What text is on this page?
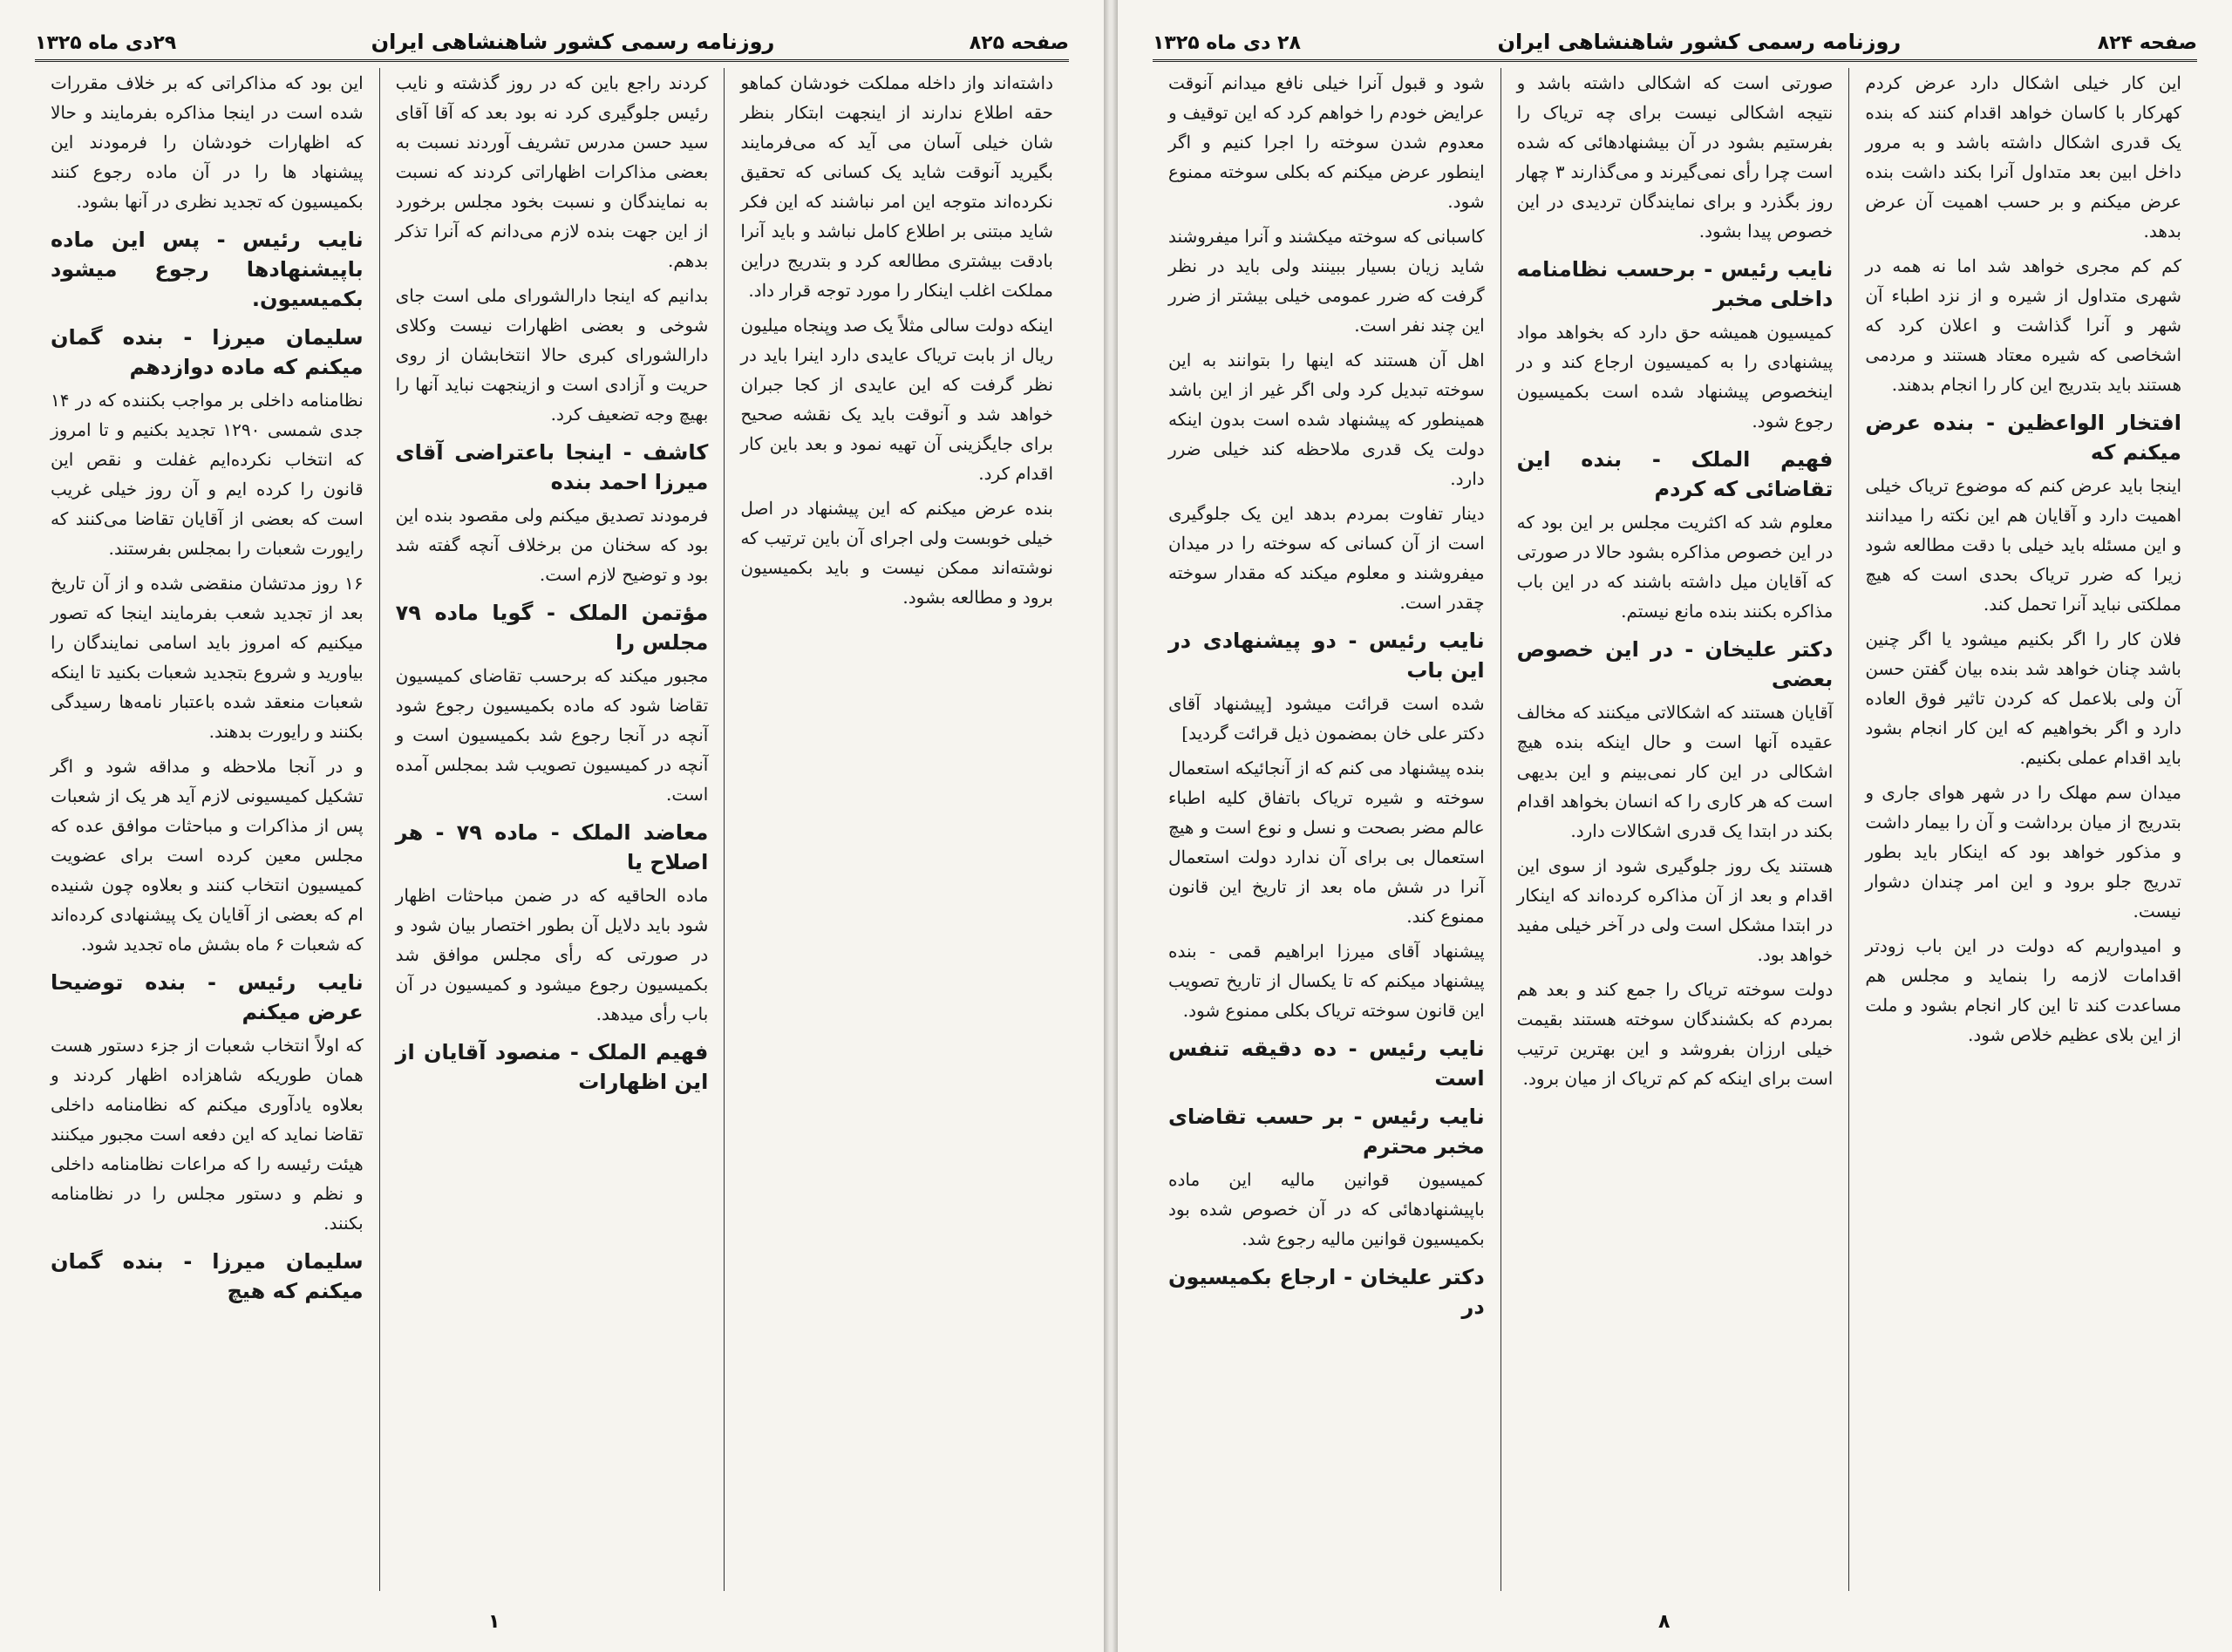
صفحه ۸۲۵
روزنامه رسمی کشور شاهنشاهی ایران
۲۹دی ماه ۱۳۲۵
داشته‌اند واز داخله مملکت خودشان کماهو حقه اطلاع ندارند از اینجهت ابتکار بنظر شان خیلی آسان می آید که می‌فرمایند بگیرید آنوقت شاید یک کسانی که تحقیق نکرده‌اند متوجه این امر نباشند که این فکر شاید مبتنی بر اطلاع کامل نباشد و باید آنرا بادقت بیشتری مطالعه کرد و بتدریج دراین مملکت اغلب اینکار را مورد توجه قرار داد.
اینکه دولت سالی مثلاً یک صد وپنجاه میلیون ریال از بابت تریاک عایدی دارد اینرا باید در نظر گرفت که این عایدی از کجا جبران خواهد شد و آنوقت باید یک نقشه صحیح برای جایگزینی آن تهیه نمود و بعد باین کار اقدام کرد.
بنده عرض میکنم که این پیشنهاد در اصل خیلی خوبست ولی اجرای آن باین ترتیب که نوشته‌اند ممکن نیست و باید بکمیسیون برود و مطالعه بشود.
کردند راجع باین که در روز گذشته و نایب رئیس جلوگیری کرد نه بود بعد که آقا آقای سید حسن مدرس تشریف آوردند نسبت به بعضی مذاکرات اظهاراتی کردند که نسبت به نمایندگان و نسبت بخود مجلس برخورد از این جهت بنده لازم می‌دانم که آنرا تذکر بدهم.
بدانیم که اینجا دارالشورای ملی است جای شوخی و بعضی اظهارات نیست وکلای دارالشورای کبری حالا انتخابشان از روی حریت و آزادی است و ازینجهت نباید آنها را بهیچ وجه تضعیف کرد.
کاشف - اینجا باعتراضی آقای میرزا احمد بنده
فرمودند تصدیق میکنم ولی مقصود بنده این بود که سخنان من برخلاف آنچه گفته شد بود و توضیح لازم است.
مؤتمن الملک - گویا ماده ۷۹ مجلس را
مجبور میکند که برحسب تقاضای کمیسیون تقاضا شود که ماده بکمیسیون رجوع شود آنچه در آنجا رجوع شد بکمیسیون است و آنچه در کمیسیون تصویب شد بمجلس آمده است.
معاضد الملک - ماده ۷۹ - هر اصلاح یا
ماده الحاقیه که در ضمن مباحثات اظهار شود باید دلایل آن بطور اختصار بیان شود و در صورتی که رأی مجلس موافق شد بکمیسیون رجوع میشود و کمیسیون در آن باب رأی میدهد.
فهیم الملک - منصود آقایان از این اظهارات
این بود که مذاکراتی که بر خلاف مقررات شده است در اینجا مذاکره بفرمایند و حالا که اظهارات خودشان را فرمودند این پیشنهاد ها را در آن ماده رجوع کنند بکمیسیون که تجدید نظری در آنها بشود.
نایب رئیس - پس این ماده باپیشنهادها رجوع میشود بکمیسیون.
سلیمان میرزا - بنده گمان میکنم که ماده دوازدهم
نظامنامه داخلی بر مواجب بکننده که در ۱۴ جدی شمسی ۱۲۹۰ تجدید بکنیم و تا امروز که انتخاب نکرده‌ایم غفلت و نقص این قانون را کرده ایم و آن روز خیلی غریب است که بعضی از آقایان تقاضا می‌کنند که رایورت شعبات را بمجلس بفرستند.
۱۶ روز مدتشان منقضی شده و از آن تاریخ بعد از تجدید شعب بفرمایند اینجا که تصور میکنیم که امروز باید اسامی نمایندگان را بیاورید و شروع بتجدید شعبات بکنید تا اینکه شعبات منعقد شده باعتبار نامه‌ها رسیدگی بکنند و رایورت بدهند.
و در آنجا ملاحظه و مداقه شود و اگر تشکیل کمیسیونی لازم آید هر یک از شعبات پس از مذاکرات و مباحثات موافق عده که مجلس معین کرده است برای عضویت کمیسیون انتخاب کنند و بعلاوه چون شنیده ام که بعضی از آقایان یک پیشنهادی کرده‌اند که شعبات ۶ ماه بشش ماه تجدید شود.
نایب رئیس - بنده توضیحا عرض میکنم
که اولاً انتخاب شعبات از جزء دستور هست همان طوریکه شاهزاده اظهار کردند و بعلاوه یادآوری میکنم که نظامنامه داخلی تقاضا نماید که این دفعه است مجبور میکنند هیئت رئیسه را که مراعات نظامنامه داخلی و نظم و دستور مجلس را در نظامنامه بکنند.
سلیمان میرزا - بنده گمان میکنم که هیچ
۱
صفحه ۸۲۴
روزنامه رسمی کشور شاهنشاهی ایران
۲۸ دی ماه ۱۳۲۵
این کار خیلی اشکال دارد عرض کردم کهرکار با کاسان خواهد اقدام کنند که بنده یک قدری اشکال داشته باشد و به مرور داخل ابین بعد متداول آنرا بکند داشت بنده عرض میکنم و بر حسب اهمیت آن عرض بدهد.
کم کم مجری خواهد شد اما نه همه در شهری متداول از شیره و از نزد اطباء آن شهر و آنرا گذاشت و اعلان کرد که اشخاصی که شیره معتاد هستند و مردمی هستند باید بتدریج این کار را انجام بدهند.
افتخار الواعظین - بنده عرض میکنم که
اینجا باید عرض کنم که موضوع تریاک خیلی اهمیت دارد و آقایان هم این نکته را میدانند و این مسئله باید خیلی با دقت مطالعه شود زیرا که ضرر تریاک بحدی است که هیچ مملکتی نباید آنرا تحمل کند.
فلان کار را اگر بکنیم میشود یا اگر چنین باشد چنان خواهد شد بنده بیان گفتن حسن آن ولی بلاعمل که کردن تاثیر فوق العاده دارد و اگر بخواهیم که این کار انجام بشود باید اقدام عملی بکنیم.
میدان سم مهلک را در شهر هوای جاری و بتدریج از میان برداشت و آن را بیمار داشت و مذکور خواهد بود که اینکار باید بطور تدریج جلو برود و این امر چندان دشوار نیست.
و امیدواریم که دولت در این باب زودتر اقدامات لازمه را بنماید و مجلس هم مساعدت کند تا این کار انجام بشود و ملت از این بلای عظیم خلاص شود.
صورتی است که اشکالی داشته باشد و نتیجه اشکالی نیست برای چه تریاک را بفرستیم بشود در آن بیشنهادهائی که شده است چرا رأی نمی‌گیرند و می‌گذارند ۳ چهار روز بگذرد و برای نمایندگان تردیدی در این خصوص پیدا بشود.
نایب رئیس - برحسب نظامنامه داخلی مخبر
کمیسیون همیشه حق دارد که بخواهد مواد پیشنهادی را به کمیسیون ارجاع کند و در اینخصوص پیشنهاد شده است بکمیسیون رجوع شود.
فهیم الملک - بنده این تقاضائی که کردم
معلوم شد که اکثریت مجلس بر این بود که در این خصوص مذاکره بشود حالا در صورتی که آقایان میل داشته باشند که در این باب مذاکره بکنند بنده مانع نیستم.
دکتر علیخان - در این خصوص بعضی
آقایان هستند که اشکالاتی میکنند که مخالف عقیده آنها است و حال اینکه بنده هیچ اشکالی در این کار نمی‌بینم و این بدیهی است که هر کاری را که انسان بخواهد اقدام بکند در ابتدا یک قدری اشکالات دارد.
هستند یک روز جلوگیری شود از سوی این اقدام و بعد از آن مذاکره کرده‌اند که اینکار در ابتدا مشکل است ولی در آخر خیلی مفید خواهد بود.
دولت سوخته تریاک را جمع کند و بعد هم بمردم که بکشندگان سوخته هستند بقیمت خیلی ارزان بفروشد و این بهترین ترتیب است برای اینکه کم کم تریاک از میان برود.
شود و قبول آنرا خیلی نافع میدانم آنوقت عرایض خودم را خواهم کرد که این توقیف و معدوم شدن سوخته را اجرا کنیم و اگر اینطور عرض میکنم که بکلی سوخته ممنوع شود.
کاسبانی که سوخته میکشند و آنرا میفروشند شاید زیان بسیار ببینند ولی باید در نظر گرفت که ضرر عمومی خیلی بیشتر از ضرر این چند نفر است.
اهل آن هستند که اینها را بتوانند به این سوخته تبدیل کرد ولی اگر غیر از این باشد همینطور که پیشنهاد شده است بدون اینکه دولت یک قدری ملاحظه کند خیلی ضرر دارد.
دینار تفاوت بمردم بدهد این یک جلوگیری است از آن کسانی که سوخته را در میدان میفروشند و معلوم میکند که مقدار سوخته چقدر است.
نایب رئیس - دو پیشنهادی در این باب
شده است قرائت میشود [پیشنهاد آقای دکتر علی خان بمضمون ذیل قرائت گردید]
بنده پیشنهاد می کنم که از آنجائیکه استعمال سوخته و شیره تریاک باتفاق کلیه اطباء عالم مضر بصحت و نسل و نوع است و هیچ استعمال بی برای آن ندارد دولت استعمال آنرا در شش ماه بعد از تاریخ این قانون ممنوع کند.
پیشنهاد آقای میرزا ابراهیم قمی - بنده پیشنهاد میکنم که تا یکسال از تاریخ تصویب این قانون سوخته تریاک بکلی ممنوع شود.
نایب رئیس - ده دقیقه تنفس است
نایب رئیس - بر حسب تقاضای مخبر محترم
کمیسیون قوانین مالیه این ماده باپیشنهادهائی که در آن خصوص شده بود بکمیسیون قوانین مالیه رجوع شد.
دکتر علیخان - ارجاع بکمیسیون در
۸
